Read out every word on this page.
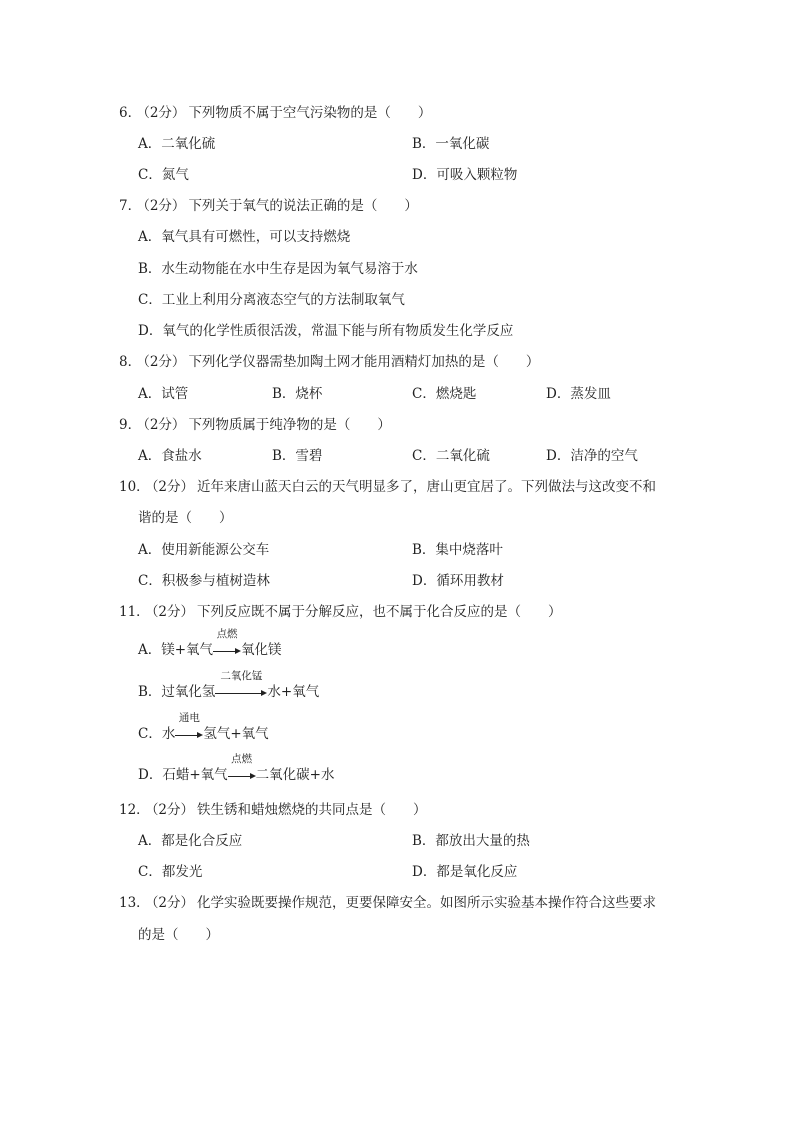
6． （2分） 下列物质不属于空气污染物的是（　　）
A．二氧化硫	B．一氧化碳
C．氮气	D．可吸入颗粒物
7． （2分） 下列关于氧气的说法正确的是（　　）
A．氧气具有可燃性，可以支持燃烧
B．水生动物能在水中生存是因为氧气易溶于水
C．工业上利用分离液态空气的方法制取氧气
D．氧气的化学性质很活泼，常温下能与所有物质发生化学反应
8． （2分） 下列化学仪器需垫加陶土网才能用酒精灯加热的是（　　）
A．试管	B．烧杯	C．燃烧匙	D．蒸发皿
9． （2分） 下列物质属于纯净物的是（　　）
A．食盐水	B．雪碧	C．二氧化硫	D．洁净的空气
10． （2分） 近年来唐山蓝天白云的天气明显多了，唐山更宜居了。下列做法与这改变不和
谐的是（　　）
A．使用新能源公交车	B．集中烧落叶
C．积极参与植树造林	D．循环用教材
11． （2分） 下列反应既不属于分解反应，也不属于化合反应的是（　　）
A．镁+氧气
点燃
氧化镁
B．过氧化氢
二氧化锰
水+氧气
C．水
通电
氢气+氧气
D．石蜡+氧气
点燃
二氧化碳+水
12． （2分） 铁生锈和蜡烛燃烧的共同点是（　　）
A．都是化合反应	B．都放出大量的热
C．都发光	D．都是氧化反应
13． （2分） 化学实验既要操作规范，更要保障安全。如图所示实验基本操作符合这些要求
的是（　　）
